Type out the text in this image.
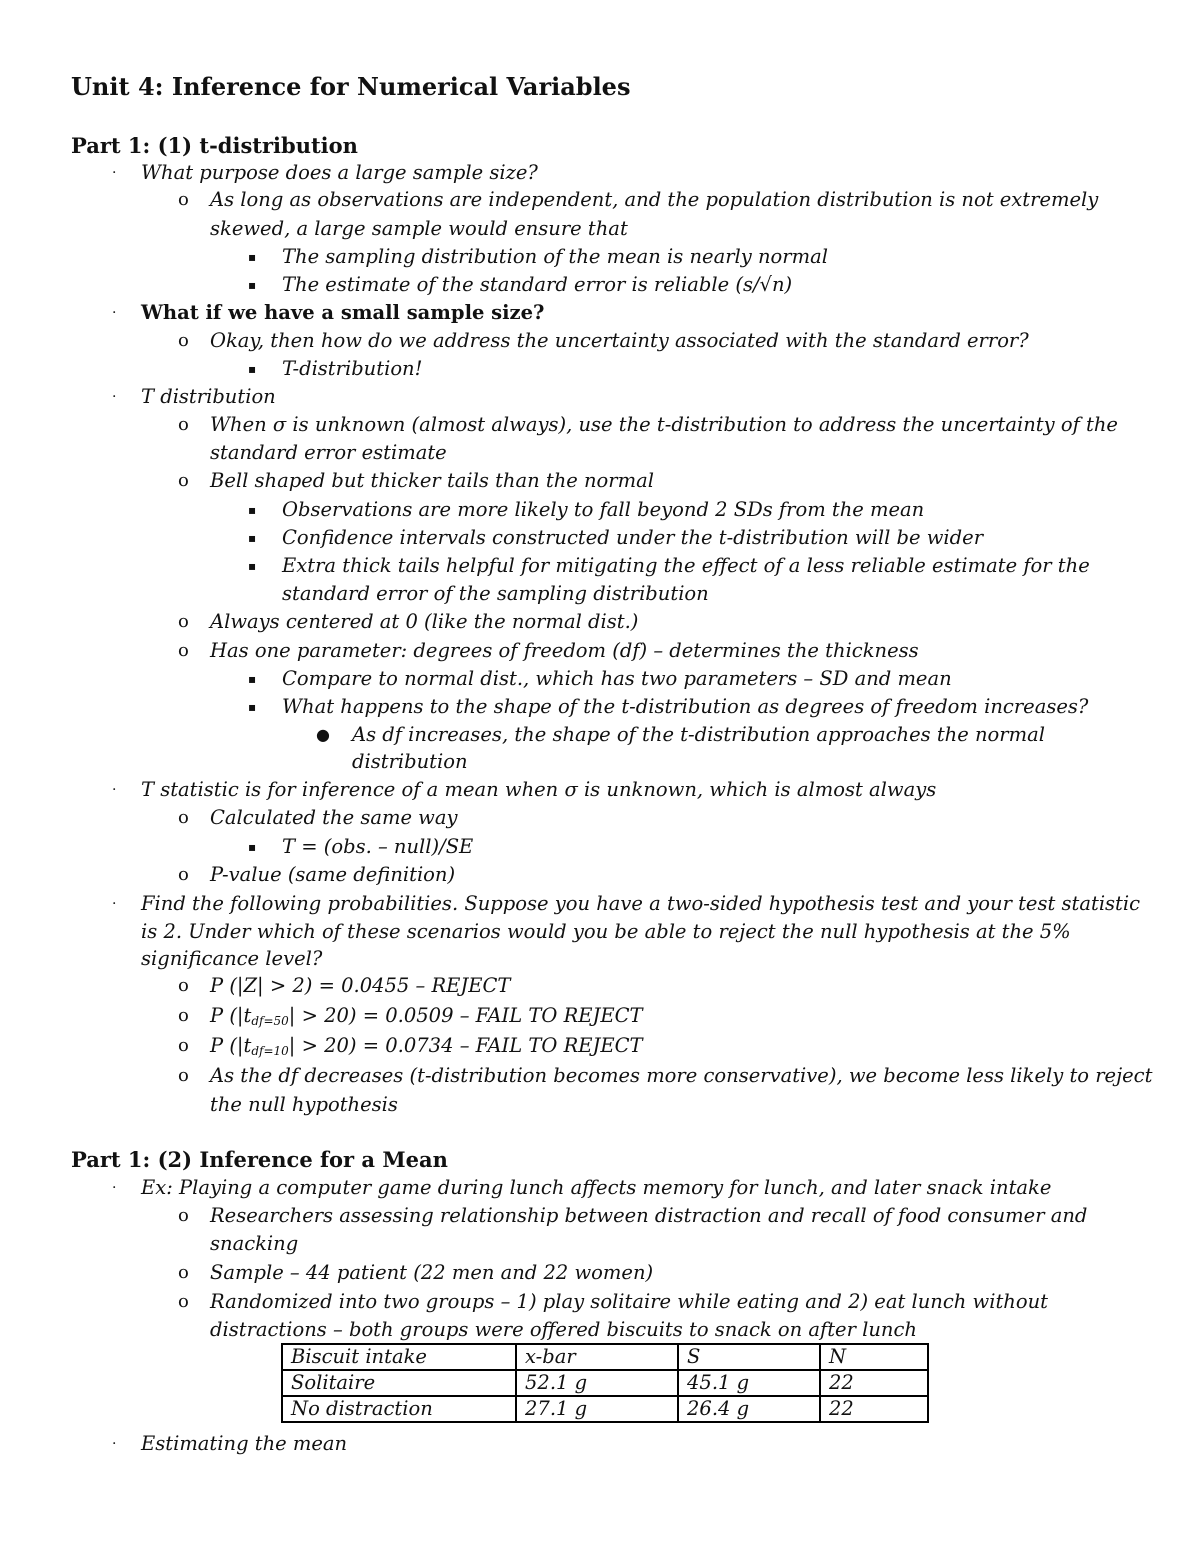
Unit 4: Inference for Numerical Variables
Part 1: (1) t-distribution
· What purpose does a large sample size?
o As long as observations are independent, and the population distribution is not extremely
skewed, a large sample would ensure that
▪ The sampling distribution of the mean is nearly normal
▪ The estimate of the standard error is reliable (s/√n)
· What if we have a small sample size?
o Okay, then how do we address the uncertainty associated with the standard error?
▪ T-distribution!
· T distribution
o When σ is unknown (almost always), use the t-distribution to address the uncertainty of the
standard error estimate
o Bell shaped but thicker tails than the normal
▪ Observations are more likely to fall beyond 2 SDs from the mean
▪ Confidence intervals constructed under the t-distribution will be wider
▪ Extra thick tails helpful for mitigating the effect of a less reliable estimate for the
standard error of the sampling distribution
o Always centered at 0 (like the normal dist.)
o Has one parameter: degrees of freedom (df) – determines the thickness
▪ Compare to normal dist., which has two parameters – SD and mean
▪ What happens to the shape of the t-distribution as degrees of freedom increases?
● As df increases, the shape of the t-distribution approaches the normal
distribution
· T statistic is for inference of a mean when σ is unknown, which is almost always
o Calculated the same way
▪ T = (obs. – null)/SE
o P-value (same definition)
· Find the following probabilities. Suppose you have a two-sided hypothesis test and your test statistic
is 2. Under which of these scenarios would you be able to reject the null hypothesis at the 5%
significance level?
o P (|Z| > 2) = 0.0455 – REJECT
o P $(|t_{df=50}| > 20) = 0.0509$ – FAIL TO REJECT
o P $(|t_{df=10}| > 20) = 0.0734$ – FAIL TO REJECT
o As the df decreases (t-distribution becomes more conservative), we become less likely to reject
the null hypothesis
Part 1: (2) Inference for a Mean
· Ex: Playing a computer game during lunch affects memory for lunch, and later snack intake
o Researchers assessing relationship between distraction and recall of food consumer and
snacking
o Sample – 44 patient (22 men and 22 women)
o Randomized into two groups – 1) play solitaire while eating and 2) eat lunch without
distractions – both groups were offered biscuits to snack on after lunch
Biscuit intake	x-bar	S	N
Solitaire	52.1 g	45.1 g	22
No distraction	27.1 g	26.4 g	22
· Estimating the mean
